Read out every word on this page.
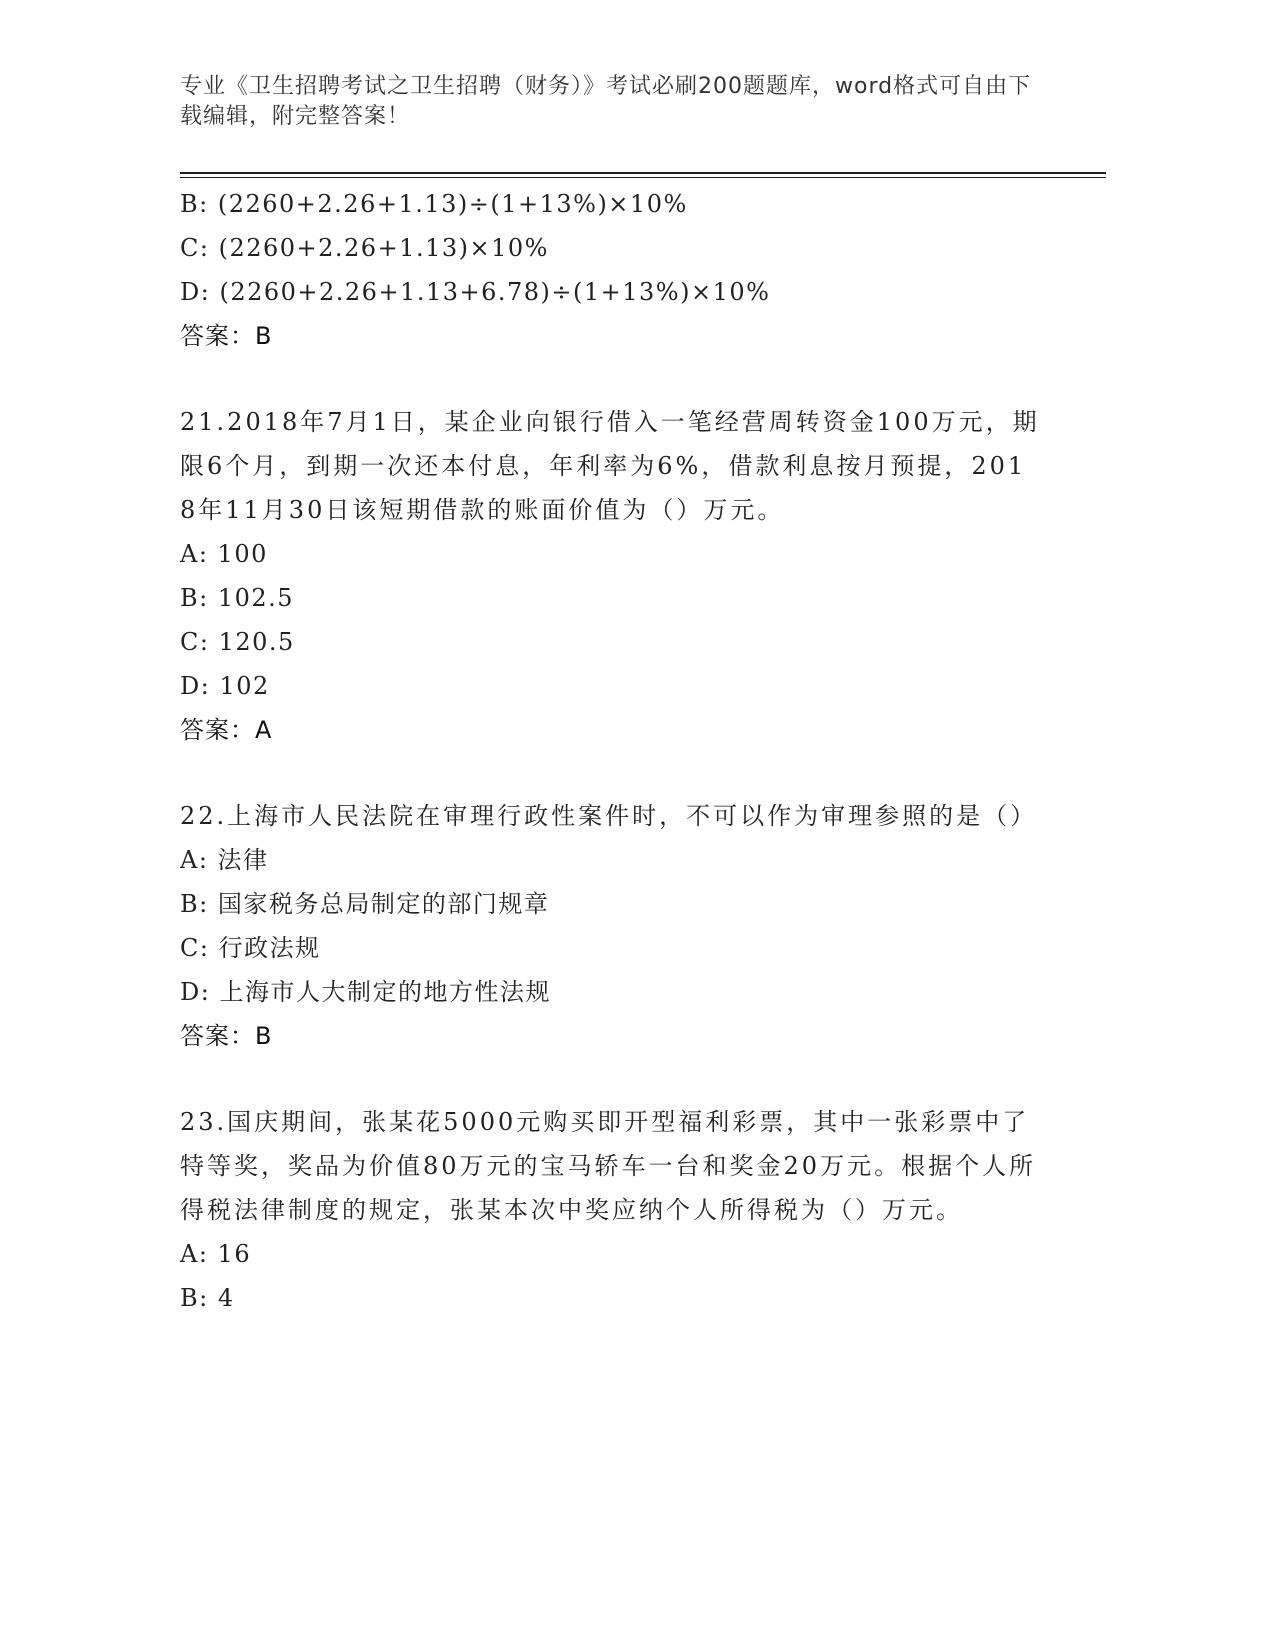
专业《卫生招聘考试之卫生招聘（财务）》考试必刷200题题库，word格式可自由下载编辑，附完整答案！
B: (2260+2.26+1.13)÷(1+13%)×10%
C: (2260+2.26+1.13)×10%
D: (2260+2.26+1.13+6.78)÷(1+13%)×10%
答案：B
21.2018年7月1日，某企业向银行借入一笔经营周转资金100万元，期限6个月，到期一次还本付息，年利率为6%，借款利息按月预提，2018年11月30日该短期借款的账面价值为（）万元。
A: 100
B: 102.5
C: 120.5
D: 102
答案：A
22.上海市人民法院在审理行政性案件时，不可以作为审理参照的是（）
A: 法律
B: 国家税务总局制定的部门规章
C: 行政法规
D: 上海市人大制定的地方性法规
答案：B
23.国庆期间，张某花5000元购买即开型福利彩票，其中一张彩票中了特等奖，奖品为价值80万元的宝马轿车一台和奖金20万元。根据个人所得税法律制度的规定，张某本次中奖应纳个人所得税为（）万元。
A: 16
B: 4
